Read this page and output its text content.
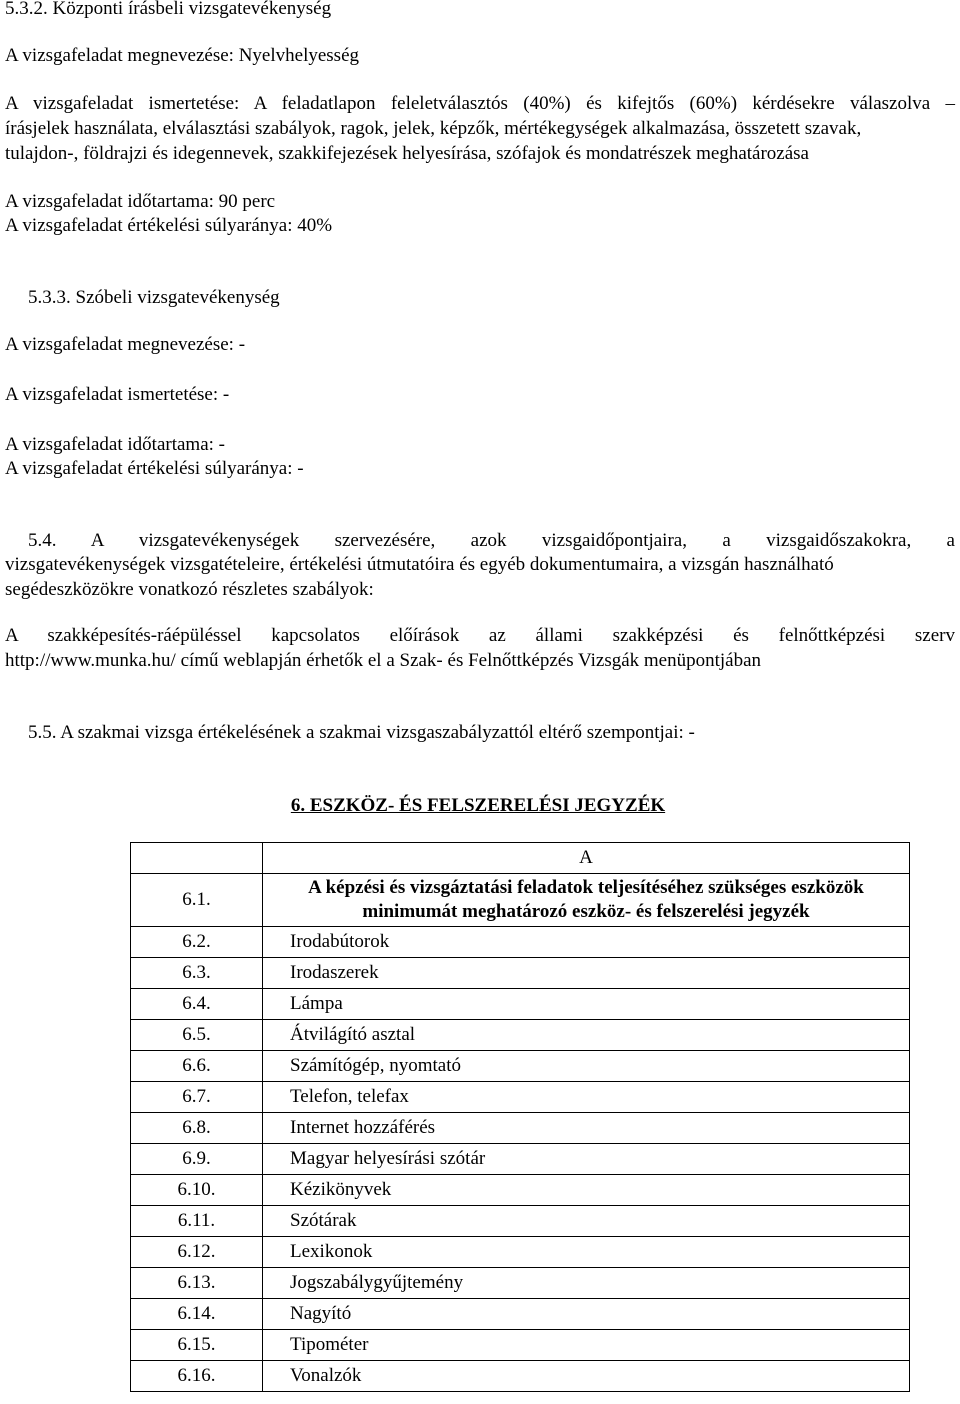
5.3.2. Központi írásbeli vizsgatevékenység
A vizsgafeladat megnevezése: Nyelvhelyesség
A vizsgafeladat ismertetése: A feladatlapon feleletválasztós (40%) és kifejtős (60%) kérdésekre válaszolva –
írásjelek használata, elválasztási szabályok, ragok, jelek, képzők, mértékegységek alkalmazása, összetett szavak,
tulajdon-, földrajzi és idegennevek, szakkifejezések helyesírása, szófajok és mondatrészek meghatározása
A vizsgafeladat időtartama: 90 perc
A vizsgafeladat értékelési súlyaránya: 40%
5.3.3. Szóbeli vizsgatevékenység
A vizsgafeladat megnevezése: -
A vizsgafeladat ismertetése: -
A vizsgafeladat időtartama: -
A vizsgafeladat értékelési súlyaránya: -
5.4. A vizsgatevékenységek szervezésére, azok vizsgaidőpontjaira, a vizsgaidőszakokra, a
vizsgatevékenységek vizsgatételeire, értékelési útmutatóira és egyéb dokumentumaira, a vizsgán használható
segédeszközökre vonatkozó részletes szabályok:
A szakképesítés-ráépüléssel kapcsolatos előírások az állami szakképzési és felnőttképzési szerv
http://www.munka.hu/ című weblapján érhetők el a Szak- és Felnőttképzés Vizsgák menüpontjában
5.5. A szakmai vizsga értékelésének a szakmai vizsgaszabályzattól eltérő szempontjai: -
6. ESZKÖZ- ÉS FELSZERELÉSI JEGYZÉK
	A
6.1.	A képzési és vizsgáztatási feladatok teljesítéséhez szükséges eszközök minimumát meghatározó eszköz- és felszerelési jegyzék
6.2.	Irodabútorok
6.3.	Irodaszerek
6.4.	Lámpa
6.5.	Átvilágító asztal
6.6.	Számítógép, nyomtató
6.7.	Telefon, telefax
6.8.	Internet hozzáférés
6.9.	Magyar helyesírási szótár
6.10.	Kézikönyvek
6.11.	Szótárak
6.12.	Lexikonok
6.13.	Jogszabálygyűjtemény
6.14.	Nagyító
6.15.	Tipométer
6.16.	Vonalzók
